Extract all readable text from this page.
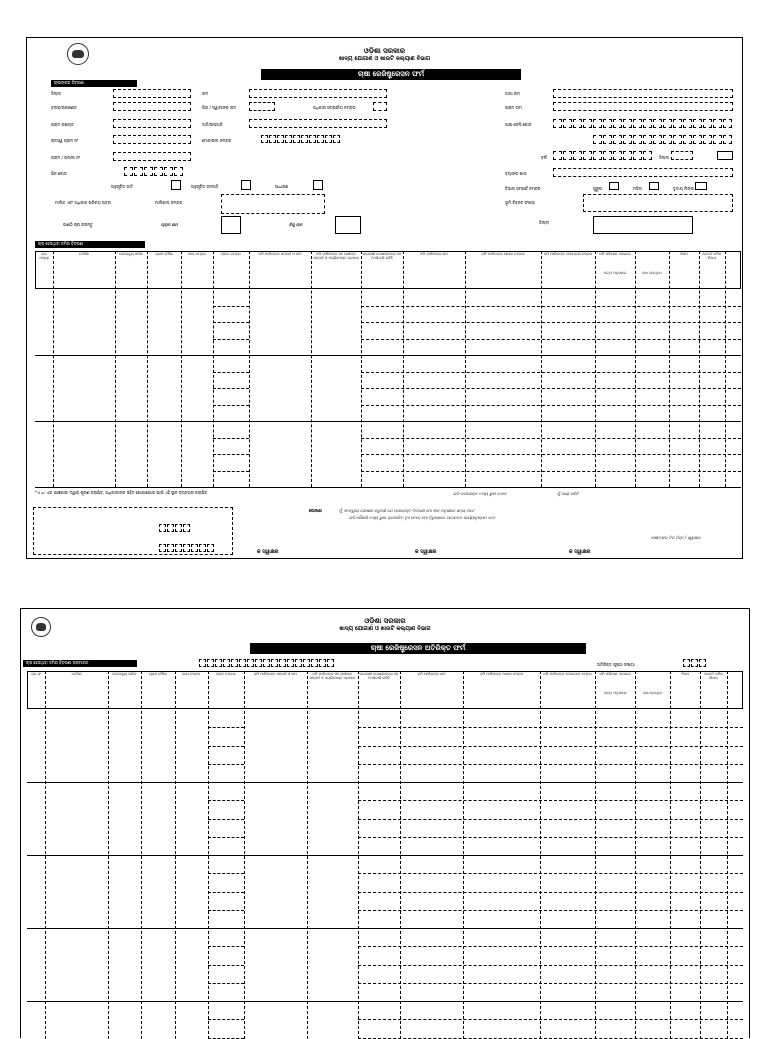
ଓଡ଼ିଶା ସରକାର
ଖାଦ୍ୟ ଯୋଗାଣ ଓ ଖାଉଟି କଲ୍ୟାଣ ବିଭାଗ
ଚାଷୀ ରେଜିଷ୍ଟ୍ରେସନ ଫର୍ମ
ଚାଷୀଙ୍କର ବିବରଣୀ
ଜିଲ୍ଲା
ବ୍ଲକ୍/ଉପଖଣ୍ଡ
ଗ୍ରାମ ପଞ୍ଚାୟତ
ରାଜସ୍ୱ ଗ୍ରାମ ନଂ
ଗ୍ରାମ / ପଲ୍ଲୀ ନଂ
ପିନ କୋଡ
ନାମ
ପିତା / ସ୍ୱାମୀଙ୍କ ନାମ	ଅଧିକାର ସମ୍ପର୍କୀୟ ନମ୍ବର
ଜାତି/ଉପଜାତି
ମୋବାଇଲ ନମ୍ବର
ଅନୁସୂଚିତ ଜାତି	ଅନୁସୂଚିତ ଜନଜାତି	ସାଧାରଣ
ମାଲିକ ଏବଂ ଅଧିକାର ପରିଚୟ ପତ୍ର	ମାଲିକାନା ନମ୍ବର
ପାଣ୍ଠି ଚାଷ କରନ୍ତୁ	ଗ୍ରାମ ନାମ	ବିନ୍ଦୁ ନାମ
ଜାଗା ନାମ
ଗ୍ରାମ ନାମ
ଆଇଏଫସି କୋଡ
ବର୍ଷ	ଜିଲ୍ଲା
ବ୍ୟାଙ୍କ ଖାତା
ପୁରୁଷ	ମହିଳା	ତୃତୀୟ ଲିଙ୍ଗ
ବିଭାଗ ସମ୍ପର୍କ ନମ୍ବର
ଭୂମି ଚିହ୍ନଟ ସଂଖ୍ୟା
ଜିଲ୍ଲା
ଚାଷ ହେଉଥିବା ଜମିର ବିବରଣୀ
କ୍ର ସଂଖ୍ୟା
ତହସିଲ	ରେଭେନ୍ୟୁ ସର୍କଲ	ଗ୍ରାମ ମୌଜା	ଖାତା ନମ୍ବର	ପ୍ଲଟ ନମ୍ବର	ଜମି ମାଲିକଙ୍କ ସମ୍ପର୍କ ଓ ନାମ	ଜମି ମାଲିକଙ୍କ ସହ ଚାଷୀଙ୍କ ସମ୍ପର୍କ ଓ ଏଗ୍ରିମେଣ୍ଟ ପ୍ରମାଣ
ଭାଗଚାଷୀ ଘୋଷଣାପତ୍ର ସହ ଅଂଶୀଦାରି ରହିଛି
ଜମି ମାଲିକଙ୍କ ନାମ	ଜମି ମାଲିକଙ୍କ ଆଧାର ନମ୍ବର	ଜମି ମାଲିକଙ୍କ ମୋବାଇଲ ନମ୍ବର	ଜମି ପରିମାଣ ଏକରରେ	କିସମ	ରେକର୍ଡ ଜମିର ଲିଙ୍କ
ପଟ୍ଟା ଅନୁସାରେ	ଚାଷ ହେଉଥିବା
*ଏ ଧ: ଏହା ଯାଞ୍ଚକାରୀ ଦ୍ୱାରା ପୂରଣ କରାଯିବ, ଅଧିକାରୀଙ୍କ ସହିତ ଯୋଗାଯୋଗ ପାଇଁ ଏହି ସ୍ଥାନ ବ୍ୟବହାର କରାଯିବ	ଯଦି ଉପରୋକ୍ତ ତଥ୍ୟ ଭୁଲ ତେବେ	ମୁଁ ଦାୟୀ ରହିବି
ଘୋଷଣା	ମୁଁ ଏତଦ୍ୱାରା ଘୋଷଣା କରୁଅଛି ଯେ ଉପରୋକ୍ତ ବିବରଣୀ ମୋ ଜ୍ଞାନ ଅନୁସାରେ ସତ୍ୟ ଅଟେ
ଯଦି କୌଣସି ତଥ୍ୟ ଭୁଲ ପ୍ରମାଣିତ ହୁଏ ତେବେ ମୋ ବିରୁଦ୍ଧରେ ଆଇନଗତ କାର୍ଯ୍ୟାନୁଷ୍ଠାନ ହେବ
ଚାଷୀଙ୍କର ଟିପ ଚିହ୍ନ / ସ୍ୱାକ୍ଷର
କ ସ୍ୱାକ୍ଷର	କ ସ୍ୱାକ୍ଷର	କ ସ୍ୱାକ୍ଷର
ଓଡ଼ିଶା ସରକାର
ଖାଦ୍ୟ ଯୋଗାଣ ଓ ଖାଉଟି କଲ୍ୟାଣ ବିଭାଗ
ଚାଷୀ ରେଜିଷ୍ଟ୍ରେସନ ଅତିରିକ୍ତ ଫର୍ମ
ଚାଷ ହେଉଥିବା ଜମିର ବିବରଣୀ କ୍ରମାଗତ	ଅତିରିକ୍ତ ପୃଷ୍ଠା ସଂଖ୍ୟା
କ୍ର ସଂ	ତହସିଲ	ରେଭେନ୍ୟୁ ସର୍କଲ	ଗ୍ରାମ ମୌଜା	ଖାତା ନମ୍ବର	ପ୍ଲଟ ନମ୍ବର	ଜମି ମାଲିକଙ୍କ ସମ୍ପର୍କ ଓ ନାମ	ଜମି ମାଲିକଙ୍କ ସହ ଚାଷୀଙ୍କ ସମ୍ପର୍କ ଓ ଏଗ୍ରିମେଣ୍ଟ ପ୍ରମାଣ
ଭାଗଚାଷୀ ଘୋଷଣାପତ୍ର ସହ ଅଂଶୀଦାରି ରହିଛି
ଜମି ମାଲିକଙ୍କ ନାମ	ଜମି ମାଲିକଙ୍କ ଆଧାର ନମ୍ବର	ଜମି ମାଲିକଙ୍କ ମୋବାଇଲ ନମ୍ବର	ଜମି ପରିମାଣ ଏକରରେ	କିସମ	ରେକର୍ଡ ଜମିର ଲିଙ୍କ
ପଟ୍ଟା ଅନୁସାରେ	ଚାଷ ହେଉଥିବା
